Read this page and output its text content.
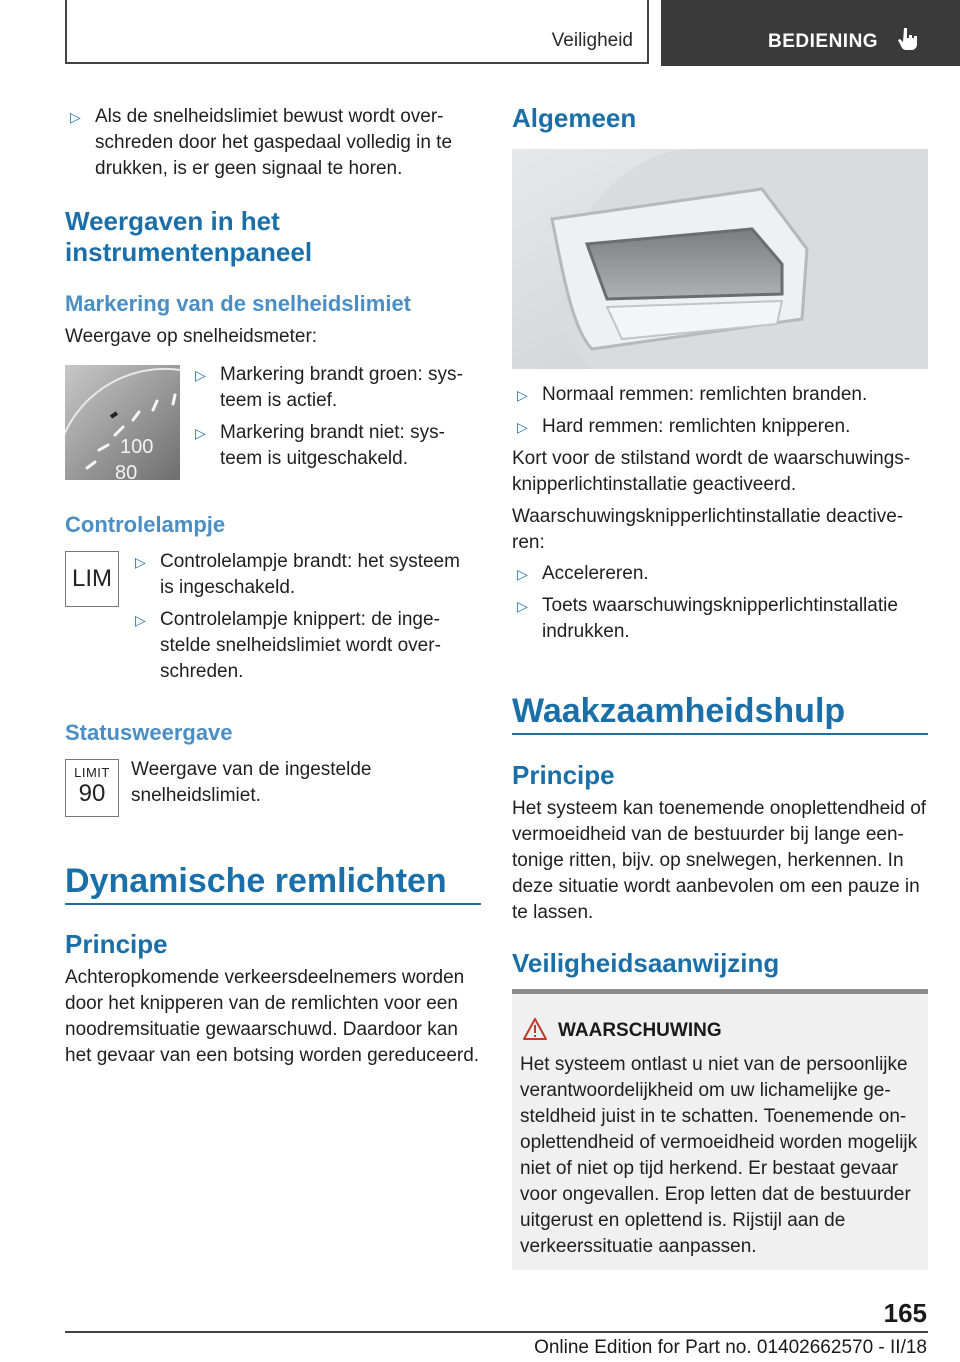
Veiligheid	BEDIENING
▷ Als de snelheidslimiet bewust wordt overschreden door het gaspedaal volledig in te drukken, is er geen signaal te horen.
Weergaven in het instrumentenpaneel
Markering van de snelheidslimiet

Weergave op snelheidsmeter:

100
80
▷ Markering brandt groen: systeem is actief.
▷ Markering brandt niet: systeem is uitgeschakeld.
Controlelampje
LIM
▷ Controlelampje brandt: het systeem is ingeschakeld.
▷ Controlelampje knippert: de ingestelde snelheidslimiet wordt overschreden.
Statusweergave
LIMIT
90

Weergave van de ingestelde snelheidslimiet.

Dynamische remlichten
Principe

Achteropkomende verkeersdeelnemers worden door het knipperen van de remlichten voor een noodremsituatie gewaarschuwd. Daardoor kan het gevaar van een botsing worden gereduceerd.

Algemeen
▷ Normaal remmen: remlichten branden.
▷ Hard remmen: remlichten knipperen.

Kort voor de stilstand wordt de waarschuwingsknipperlichtinstallatie geactiveerd.

Waarschuwingsknipperlichtinstallatie deactiveren:

▷ Accelereren.
▷ Toets waarschuwingsknipperlichtinstallatie indrukken.
Waakzaamheidshulp
Principe

Het systeem kan toenemende onoplettendheid of vermoeidheid van de bestuurder bij lange eentonige ritten, bijv. op snelwegen, herkennen. In deze situatie wordt aanbevolen om een pauze in te lassen.

Veiligheidsaanwijzing
WAARSCHUWING

Het systeem ontlast u niet van de persoonlijke verantwoordelijkheid om uw lichamelijke gesteldheid juist in te schatten. Toenemende onoplettendheid of vermoeidheid worden mogelijk niet of niet op tijd herkend. Er bestaat gevaar voor ongevallen. Erop letten dat de bestuurder uitgerust en oplettend is. Rijstijl aan de verkeerssituatie aanpassen.

165
Online Edition for Part no. 01402662570 - II/18
